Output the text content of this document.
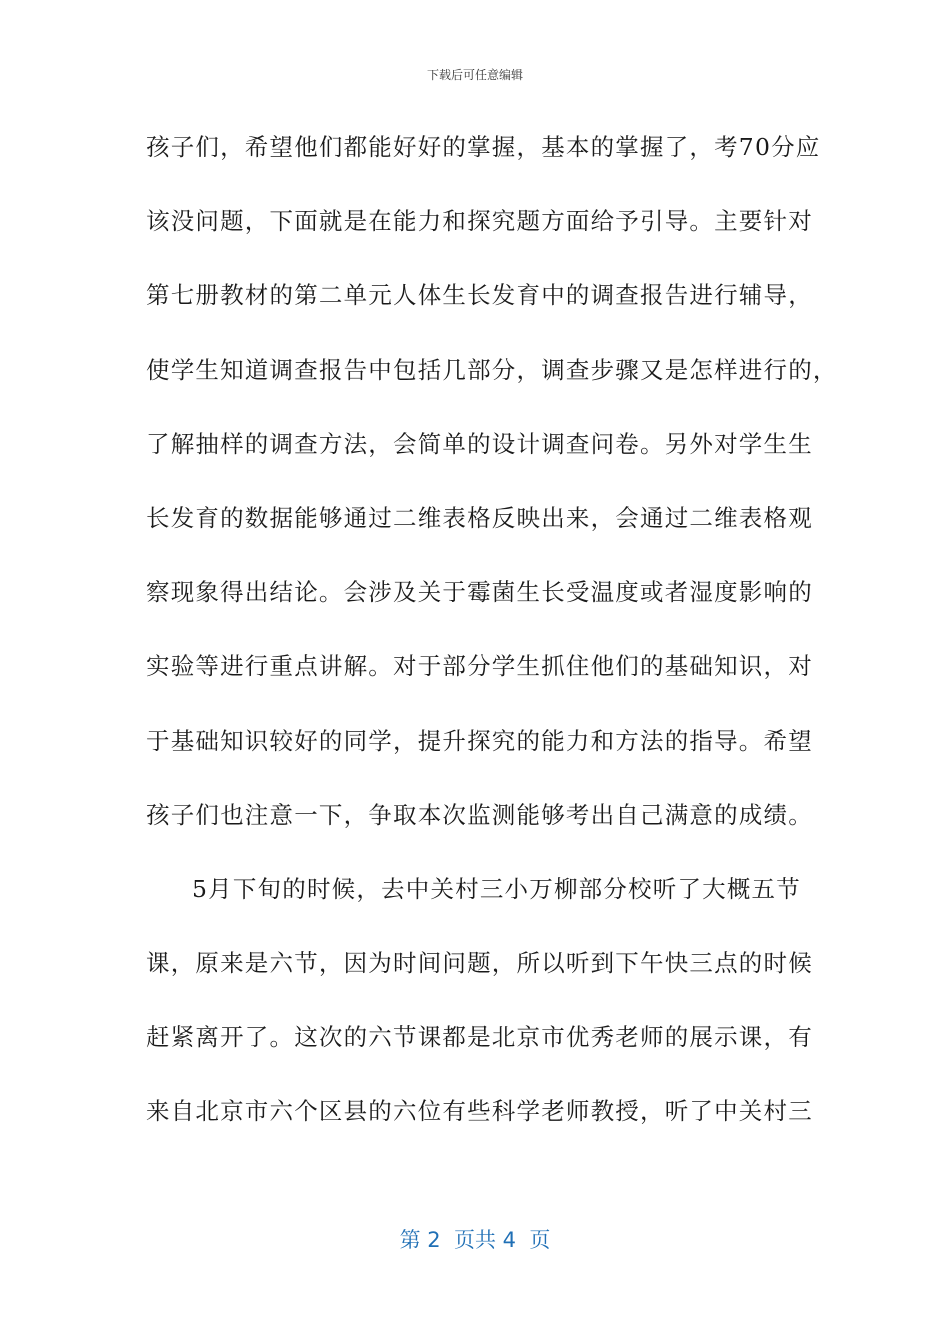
下载后可任意编辑
孩子们，希望他们都能好好的掌握，基本的掌握了，考70分应
该没问题，下面就是在能力和探究题方面给予引导。主要针对
第七册教材的第二单元人体生长发育中的调查报告进行辅导，
使学生知道调查报告中包括几部分，调查步骤又是怎样进行的，
了解抽样的调查方法，会简单的设计调查问卷。另外对学生生
长发育的数据能够通过二维表格反映出来，会通过二维表格观
察现象得出结论。会涉及关于霉菌生长受温度或者湿度影响的
实验等进行重点讲解。对于部分学生抓住他们的基础知识，对
于基础知识较好的同学，提升探究的能力和方法的指导。希望
孩子们也注意一下，争取本次监测能够考出自己满意的成绩。
5月下旬的时候，去中关村三小万柳部分校听了大概五节
课，原来是六节，因为时间问题，所以听到下午快三点的时候
赶紧离开了。这次的六节课都是北京市优秀老师的展示课，有
来自北京市六个区县的六位有些科学老师教授，听了中关村三
第 2  页共 4  页
